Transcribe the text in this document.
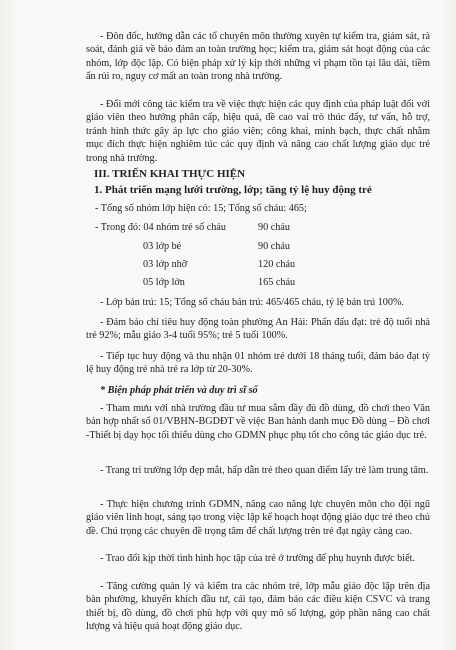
- Đôn đốc, hướng dẫn các tổ chuyên môn thường xuyên tự kiểm tra, giám sát, rà soát, đánh giá về bảo đảm an toàn trường học; kiểm tra, giám sát hoạt động của các nhóm, lớp độc lập. Có biện pháp xử lý kịp thời những vi phạm tồn tại lâu dài, tiềm ẩn rủi ro, nguy cơ mất an toàn trong nhà trường.
- Đổi mới công tác kiểm tra về việc thực hiện các quy định của pháp luật đối với giáo viên theo hướng phân cấp, hiệu quả, đề cao vai trò thúc đẩy, tư vấn, hỗ trợ, tránh hình thức gây áp lực cho giáo viên; công khai, minh bạch, thực chất nhằm mục đích thực hiện nghiêm túc các quy định và nâng cao chất lượng giáo dục trẻ trong nhà trường.
III. TRIỂN KHAI THỰC HIỆN
1. Phát triển mạng lưới trường, lớp; tăng tỷ lệ huy động trẻ
- Tổng số nhóm lớp hiện có: 15; Tổng số cháu: 465;
- Trong đó: 04 nhóm trẻ số cháu	90 cháu
03 lớp bé	90 cháu
03 lớp nhỡ	120 cháu
05 lớp lớn	165 cháu
- Lớp bán trú: 15; Tổng số cháu bán trú: 465/465 cháu, tỷ lệ bán trú 100%.
- Đảm bảo chỉ tiêu huy động toàn phường An Hải: Phấn đấu đạt: trẻ độ tuổi nhà trẻ 92%; mẫu giáo 3-4 tuổi 95%; trẻ 5 tuổi 100%.
- Tiếp tục huy động và thu nhận 01 nhóm trẻ dưới 18 tháng tuổi, đảm bảo đạt tỷ lệ huy động trẻ nhà trẻ ra lớp từ 20-30%.
* Biện pháp phát triển và duy trì sĩ số
- Tham mưu với nhà trường đầu tư mua sắm đầy đủ đồ dùng, đồ chơi theo Văn bản hợp nhất số 01/VBHN-BGDĐT về việc Ban hành danh mục Đồ dùng – Đồ chơi -Thiết bị dạy học tối thiểu dùng cho GDMN phục phụ tốt cho công tác giáo dục trẻ.
- Trang trí trường lớp đẹp mắt, hấp dẫn trẻ theo quan điểm lấy trẻ làm trung tâm.
- Thực hiện chương trình GDMN, nâng cao năng lực chuyên môn cho đội ngũ giáo viên linh hoạt, sáng tạo trong việc lập kế hoạch hoạt động giáo dục trẻ theo chủ đề. Chú trọng các chuyên đề trọng tâm để chất lượng trên trẻ đạt ngày càng cao.
- Trao đổi kịp thời tình hình học tập của trẻ ở trường để phụ huynh được biết.
- Tăng cường quản lý và kiểm tra các nhóm trẻ, lớp mẫu giáo độc lập trên địa bàn phường, khuyến khích đầu tư, cải tạo, đảm bảo các điều kiện CSVC và trang thiết bị, đồ dùng, đồ chơi phù hợp với quy mô số lượng, góp phần nâng cao chất lượng và hiệu quả hoạt động giáo dục.
